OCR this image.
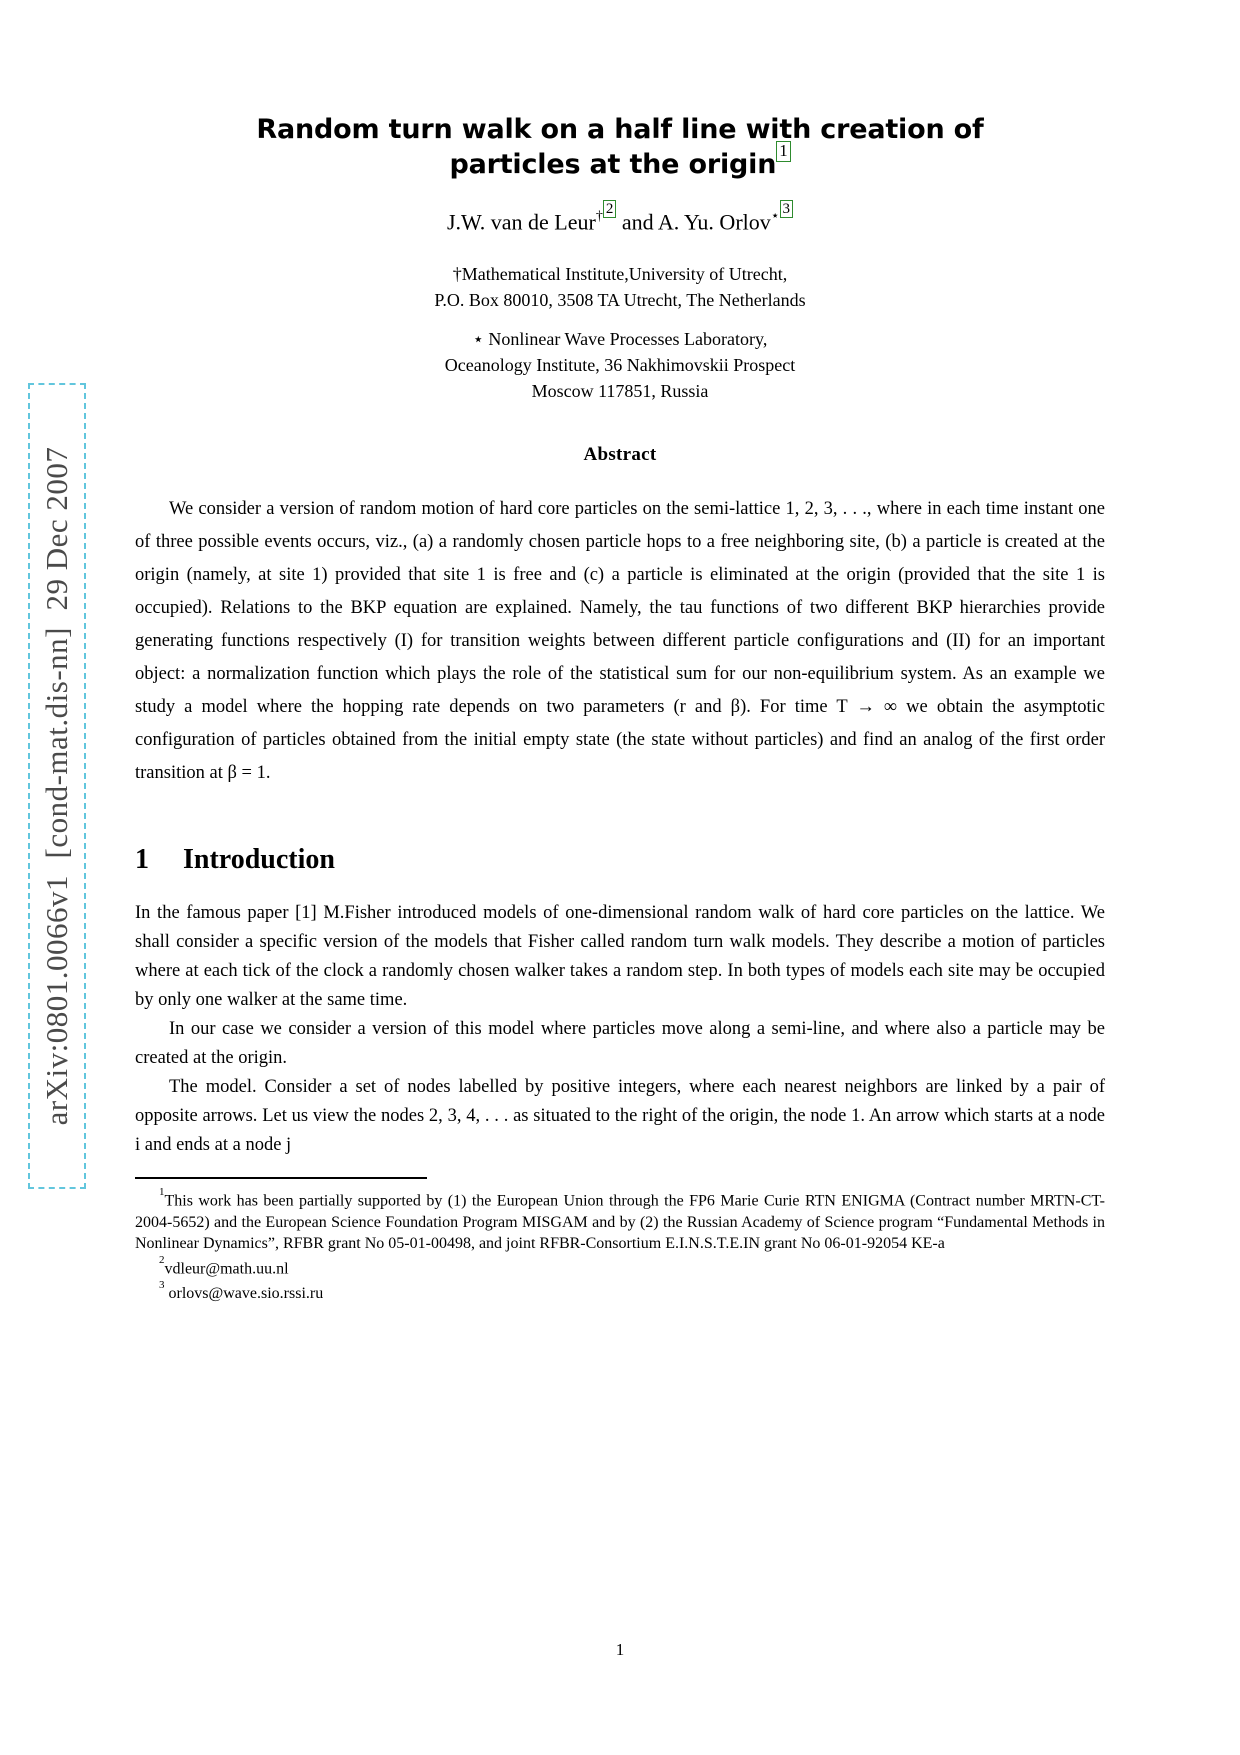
arXiv:0801.0066v1  [cond-mat.dis-nn]  29 Dec 2007
Random turn walk on a half line with creation of
particles at the origin $^1$
J.W. van de Leur† $^2$ and A. Yu. Orlov⋆ $^3$
†Mathematical Institute,University of Utrecht,
P.O. Box 80010, 3508 TA Utrecht, The Netherlands
⋆ Nonlinear Wave Processes Laboratory,
Oceanology Institute, 36 Nakhimovskii Prospect
Moscow 117851, Russia
Abstract

We consider a version of random motion of hard core particles on the semi-lattice 1, 2, 3, . . ., where in each time instant one of three possible events occurs, viz., (a) a randomly chosen particle hops to a free neighboring site, (b) a particle is created at the origin (namely, at site 1) provided that site 1 is free and (c) a particle is eliminated at the origin (provided that the site 1 is occupied). Relations to the BKP equation are explained. Namely, the tau functions of two different BKP hierarchies provide generating functions respectively (I) for transition weights between different particle configurations and (II) for an important object: a normalization function which plays the role of the statistical sum for our non-equilibrium system. As an example we study a model where the hopping rate depends on two parameters (r and β). For time T → ∞ we obtain the asymptotic configuration of particles obtained from the initial empty state (the state without particles) and find an analog of the first order transition at β = 1.

1 Introduction

In the famous paper [1] M.Fisher introduced models of one-dimensional random walk of hard core particles on the lattice. We shall consider a specific version of the models that Fisher called random turn walk models. They describe a motion of particles where at each tick of the clock a randomly chosen walker takes a random step. In both types of models each site may be occupied by only one walker at the same time.

In our case we consider a version of this model where particles move along a semi-line, and where also a particle may be created at the origin.

The model. Consider a set of nodes labelled by positive integers, where each nearest neighbors are linked by a pair of opposite arrows. Let us view the nodes 2, 3, 4, . . . as situated to the right of the origin, the node 1. An arrow which starts at a node i and ends at a node j

$^1$This work has been partially supported by (1) the European Union through the FP6 Marie Curie RTN ENIGMA (Contract number MRTN-CT-2004-5652) and the European Science Foundation Program MISGAM and by (2) the Russian Academy of Science program “Fundamental Methods in Nonlinear Dynamics”, RFBR grant No 05-01-00498, and joint RFBR-Consortium E.I.N.S.T.E.IN grant No 06-01-92054 KE-a

$^2$vdleur@math.uu.nl

$^3$orlovs@wave.sio.rssi.ru

1
